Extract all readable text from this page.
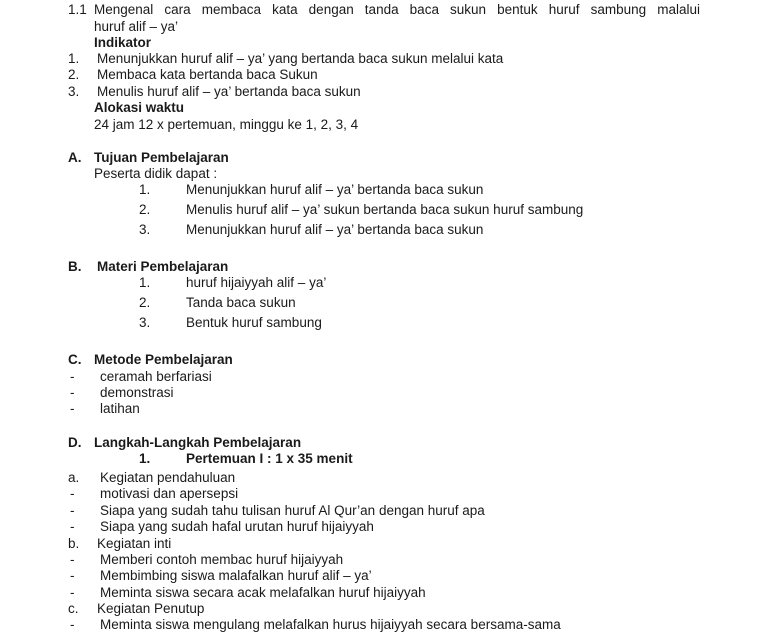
1.1 Mengenal cara membaca kata dengan tanda baca sukun bentuk huruf sambung malalui
huruf alif – ya’
Indikator
1. Menunjukkan huruf alif – ya’ yang bertanda baca sukun melalui kata
2. Membaca kata bertanda baca Sukun
3. Menulis huruf alif – ya’ bertanda baca sukun
Alokasi waktu
24 jam 12 x pertemuan, minggu ke 1, 2, 3, 4
A. Tujuan Pembelajaran
Peserta didik dapat :
1.	Menunjukkan huruf alif – ya’ bertanda baca sukun
2.	Menulis huruf alif – ya’ sukun bertanda baca sukun huruf sambung
3.	Menunjukkan huruf alif – ya’ bertanda baca sukun
B. Materi Pembelajaran
1.	huruf hijaiyyah alif – ya’
2.	Tanda baca sukun
3.	Bentuk huruf sambung
C. Metode Pembelajaran
- ceramah berfariasi
- demonstrasi
- latihan
D. Langkah-Langkah Pembelajaran
1.	Pertemuan I : 1 x 35 menit
a. Kegiatan pendahuluan
- motivasi dan apersepsi
- Siapa yang sudah tahu tulisan huruf Al Qur’an dengan huruf apa
- Siapa yang sudah hafal urutan huruf hijaiyyah
b. Kegiatan inti
- Memberi contoh membac huruf hijaiyyah
- Membimbing siswa malafalkan huruf alif – ya’
- Meminta siswa secara acak melafalkan huruf hijaiyyah
c. Kegiatan Penutup
- Meminta siswa mengulang melafalkan hurus hijaiyyah secara bersama-sama
